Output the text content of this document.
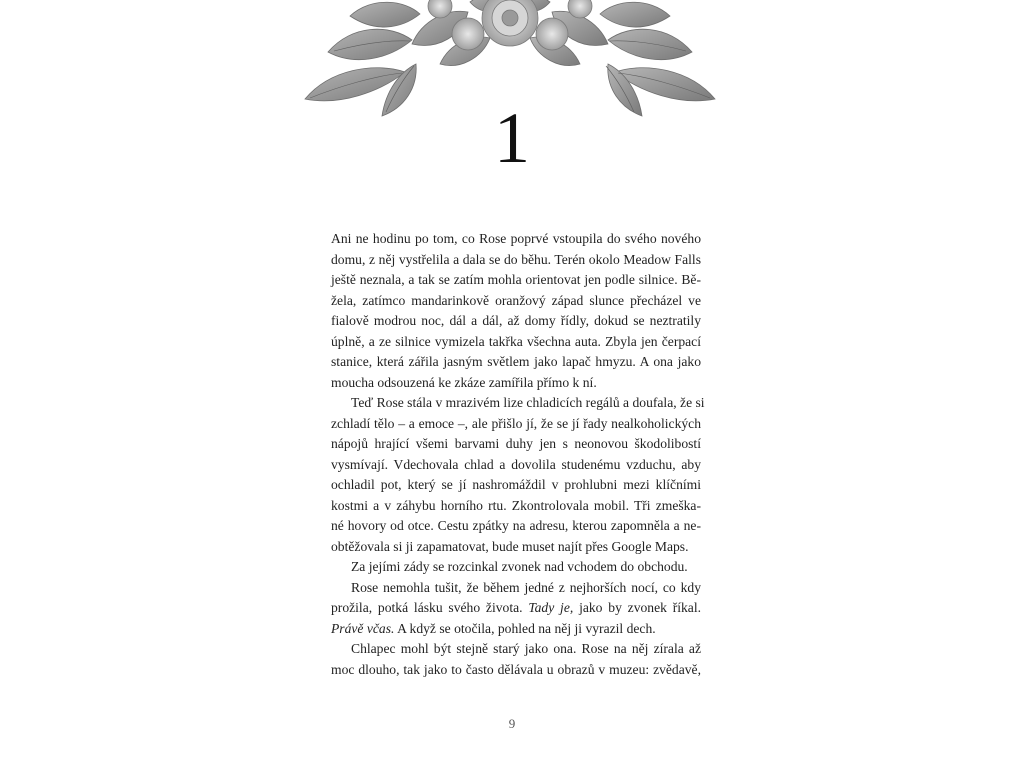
1
Ani ne hodinu po tom, co Rose poprvé vstoupila do svého nového
domu, z něj vystřelila a dala se do běhu. Terén okolo Meadow Falls
ještě neznala, a tak se zatím mohla orientovat jen podle silnice. Bě-
žela, zatímco mandarinkově oranžový západ slunce přecházel ve
fialově modrou noc, dál a dál, až domy řídly, dokud se neztratily
úplně, a ze silnice vymizela takřka všechna auta. Zbyla jen čerpací
stanice, která zářila jasným světlem jako lapač hmyzu. A ona jako
moucha odsouzená ke zkáze zamířila přímo k ní.
Teď Rose stála v mrazivém lize chladicích regálů a doufala, že si
zchladí tělo – a emoce –, ale přišlo jí, že se jí řady nealkoholických
nápojů hrající všemi barvami duhy jen s neonovou škodolibostí
vysmívají. Vdechovala chlad a dovolila studenému vzduchu, aby
ochladil pot, který se jí nashromáždil v prohlubni mezi klíčními
kostmi a v záhybu horního rtu. Zkontrolovala mobil. Tři zmeška-
né hovory od otce. Cestu zpátky na adresu, kterou zapomněla a ne-
obtěžovala si ji zapamatovat, bude muset najít přes Google Maps.
Za jejími zády se rozcinkal zvonek nad vchodem do obchodu.
Rose nemohla tušit, že během jedné z nejhorších nocí, co kdy
prožila, potká lásku svého života. Tady je, jako by zvonek říkal.
Právě včas. A když se otočila, pohled na něj ji vyrazil dech.
Chlapec mohl být stejně starý jako ona. Rose na něj zírala až
moc dlouho, tak jako to často dělávala u obrazů v muzeu: zvědavě,
9
